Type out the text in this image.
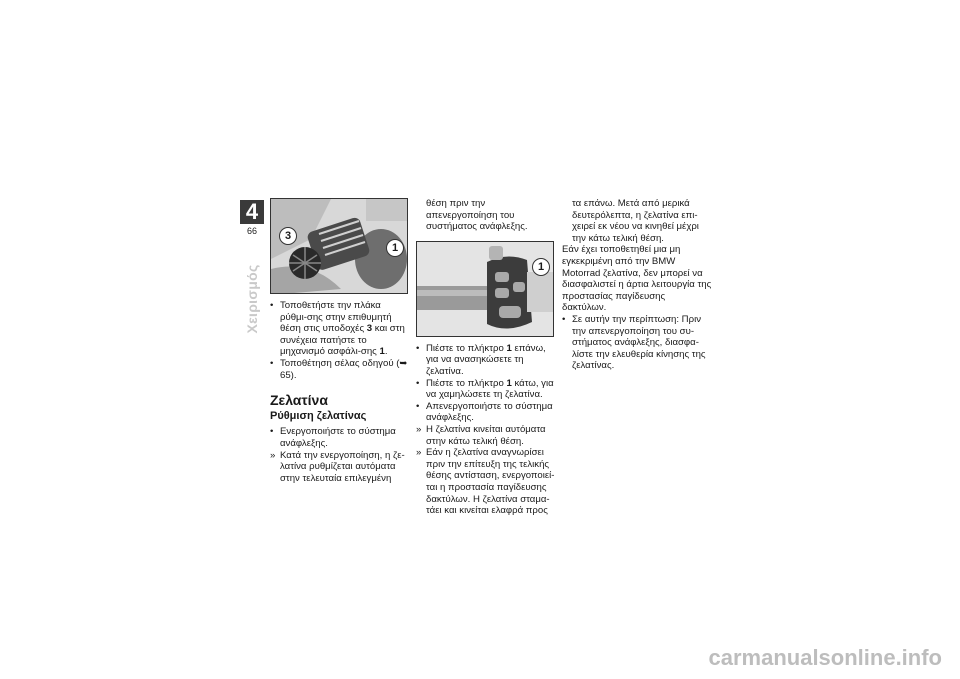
4
66
Χειρισμός
3
1

• Τοποθετήστε την πλάκα ρύθμι-σης στην επιθυμητή θέση στις υποδοχές 3 και στη συνέχεια πατήστε το μηχανισμό ασφάλι-σης 1.

• Τοποθέτηση σέλας οδηγού (➥ 65).

Ζελατίνα
Ρύθμιση ζελατίνας

• Ενεργοποιήστε το σύστημα ανάφλεξης.

» Κατά την ενεργοποίηση, η ζε-λατίνα ρυθμίζεται αυτόματα στην τελευταία επιλεγμένη

θέση πριν την απενεργοποίηση του συστήματος ανάφλεξης.

1

• Πιέστε το πλήκτρο 1 επάνω, για να ανασηκώσετε τη ζελατίνα.

• Πιέστε το πλήκτρο 1 κάτω, για να χαμηλώσετε τη ζελατίνα.

• Απενεργοποιήστε το σύστημα ανάφλεξης.

» Η ζελατίνα κινείται αυτόματα στην κάτω τελική θέση.

» Εάν η ζελατίνα αναγνωρίσει πριν την επίτευξη της τελικής θέσης αντίσταση, ενεργοποιεί-ται η προστασία παγίδευσης δακτύλων. Η ζελατίνα σταμα-τάει και κινείται ελαφρά προς

τα επάνω. Μετά από μερικά δευτερόλεπτα, η ζελατίνα επι-χειρεί εκ νέου να κινηθεί μέχρι την κάτω τελική θέση.

Εάν έχει τοποθετηθεί μια μη εγκεκριμένη από την BMW Motorrad ζελατίνα, δεν μπορεί να διασφαλιστεί η άρτια λειτουργία της προστασίας παγίδευσης δακτύλων.

• Σε αυτήν την περίπτωση: Πριν την απενεργοποίηση του συ-στήματος ανάφλεξης, διασφα-λίστε την ελευθερία κίνησης της ζελατίνας.

carmanualsonline.info
